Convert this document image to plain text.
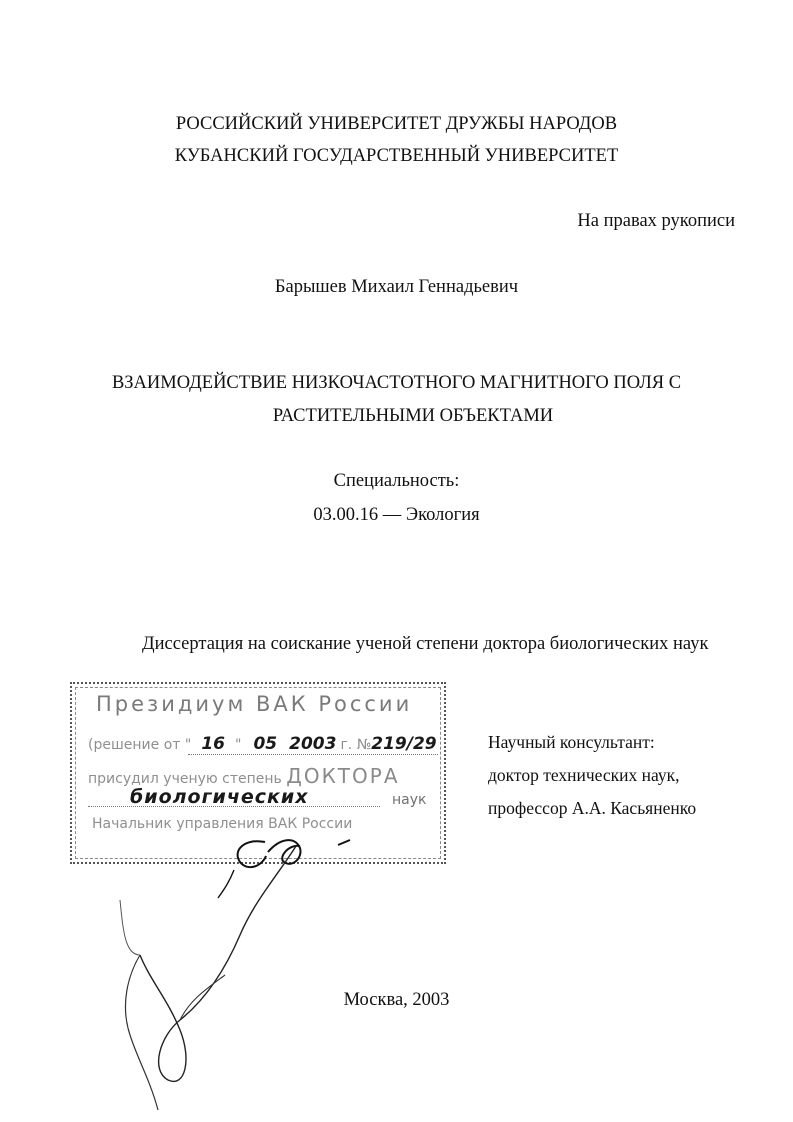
РОССИЙСКИЙ УНИВЕРСИТЕТ ДРУЖБЫ НАРОДОВ
КУБАНСКИЙ ГОСУДАРСТВЕННЫЙ УНИВЕРСИТЕТ
На правах рукописи
Барышев Михаил Геннадьевич
ВЗАИМОДЕЙСТВИЕ НИЗКОЧАСТОТНОГО МАГНИТНОГО ПОЛЯ С
РАСТИТЕЛЬНЫМИ ОБЪЕКТАМИ
Специальность:
03.00.16 — Экология
Диссертация на соискание ученой степени доктора биологических наук
Президиум ВАК России
(решение от " 16 " 05 2003 г. №219/29
присудил ученую степень ДОКТОРА
биологических	наук
Начальник управления ВАК России
Научный консультант:
доктор технических наук,
профессор А.А. Касьяненко
Москва, 2003
